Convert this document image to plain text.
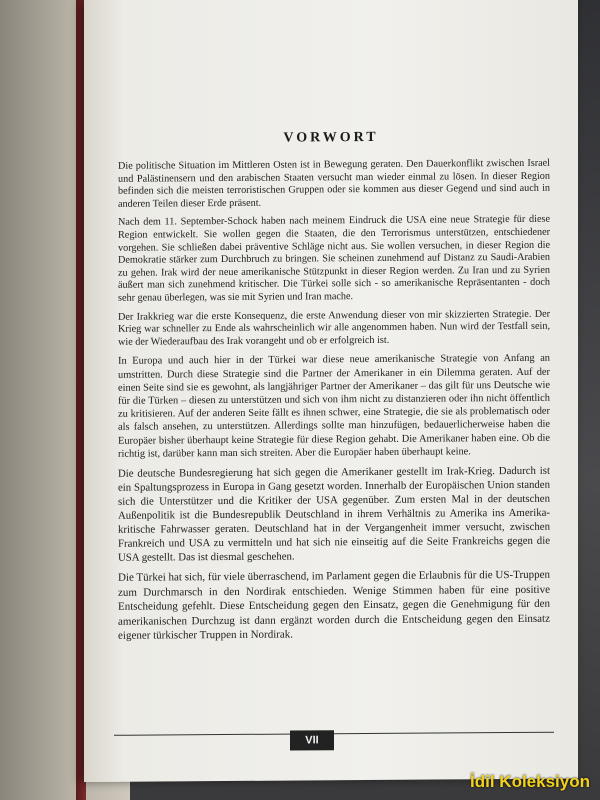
VORWORT

Die politische Situation im Mittleren Osten ist in Bewegung geraten. Den Dauerkonflikt zwischen Israel und Palästinensern und den arabischen Staaten versucht man wieder einmal zu lösen. In dieser Region befinden sich die meisten terroristischen Gruppen oder sie kommen aus dieser Gegend und sind auch in anderen Teilen dieser Erde präsent.

Nach dem 11. September-Schock haben nach meinem Eindruck die USA eine neue Strategie für diese Region entwickelt. Sie wollen gegen die Staaten, die den Terrorismus unterstützen, entschiedener vorgehen. Sie schließen dabei präventive Schläge nicht aus. Sie wollen versuchen, in dieser Region die Demokratie stärker zum Durchbruch zu bringen. Sie scheinen zunehmend auf Distanz zu Saudi-Arabien zu gehen. Irak wird der neue amerikanische Stützpunkt in dieser Region werden. Zu Iran und zu Syrien äußert man sich zunehmend kritischer. Die Türkei solle sich - so amerikanische Repräsentanten - doch sehr genau überlegen, was sie mit Syrien und Iran mache.

Der Irakkrieg war die erste Konsequenz, die erste Anwendung dieser von mir skizzierten Strategie. Der Krieg war schneller zu Ende als wahrscheinlich wir alle angenommen haben. Nun wird der Testfall sein, wie der Wiederaufbau des Irak vorangeht und ob er erfolgreich ist.

In Europa und auch hier in der Türkei war diese neue amerikanische Strategie von Anfang an umstritten. Durch diese Strategie sind die Partner der Amerikaner in ein Dilemma geraten. Auf der einen Seite sind sie es gewohnt, als langjähriger Partner der Amerikaner – das gilt für uns Deutsche wie für die Türken – diesen zu unterstützen und sich von ihm nicht zu distanzieren oder ihn nicht öffentlich zu kritisieren. Auf der anderen Seite fällt es ihnen schwer, eine Strategie, die sie als problematisch oder als falsch ansehen, zu unterstützen. Allerdings sollte man hinzufügen, bedauerlicherweise haben die Europäer bisher überhaupt keine Strategie für diese Region gehabt. Die Amerikaner haben eine. Ob die richtig ist, darüber kann man sich streiten. Aber die Europäer haben überhaupt keine.

Die deutsche Bundesregierung hat sich gegen die Amerikaner gestellt im Irak-Krieg. Dadurch ist ein Spaltungsprozess in Europa in Gang gesetzt worden. Innerhalb der Europäischen Union standen sich die Unterstützer und die Kritiker der USA gegenüber. Zum ersten Mal in der deutschen Außenpolitik ist die Bundesrepublik Deutschland in ihrem Verhältnis zu Amerika ins Amerika-kritische Fahrwasser geraten. Deutschland hat in der Vergangenheit immer versucht, zwischen Frankreich und USA zu vermitteln und hat sich nie einseitig auf die Seite Frankreichs gegen die USA gestellt. Das ist diesmal geschehen.

Die Türkei hat sich, für viele überraschend, im Parlament gegen die Erlaubnis für die US-Truppen zum Durchmarsch in den Nordirak entschieden. Wenige Stimmen haben für eine positive Entscheidung gefehlt. Diese Entscheidung gegen den Einsatz, gegen die Genehmigung für den amerikanischen Durchzug ist dann ergänzt worden durch die Entscheidung gegen den Einsatz eigener türkischer Truppen in Nordirak.

VII
İdil Koleksiyon
